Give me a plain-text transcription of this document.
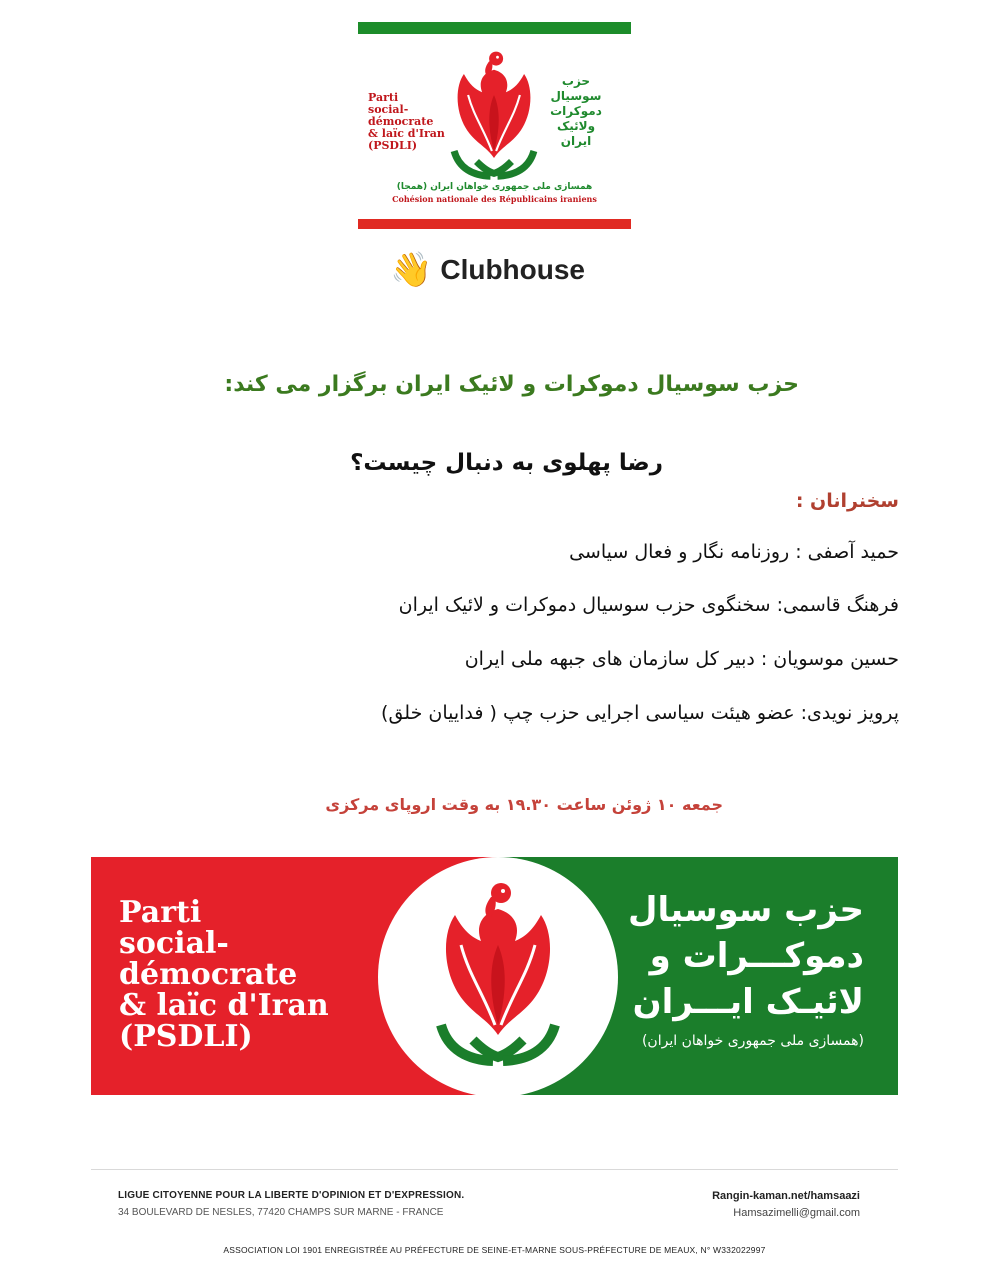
Parti
social-
démocrate
& laïc d'Iran
(PSDLI)
حزب
سوسیال
دموکرات
ولائیک
ایران
همسازی ملی جمهوری خواهان ایران (همجا)
Cohésion nationale des Républicains iraniens
👋 Clubhouse
حزب سوسیال دموکرات و لائیک ایران برگزار می کند:
رضا پهلوی به دنبال چیست؟
سخنرانان :
حمید آصفی : روزنامه نگار و فعال سیاسی
فرهنگ قاسمی: سخنگوی حزب سوسیال دموکرات و لائیک ایران
حسین موسویان : دبیر کل سازمان های جبهه ملی ایران
پرویز نویدی: عضو هیئت سیاسی اجرایی حزب چپ ( فداییان خلق)
جمعه ۱۰ ژوئن ساعت ۱۹.۳۰ به وقت اروپای مرکزی
Parti
social-
démocrate
& laïc d'Iran
(PSDLI)
حزب سوسیال
دموکـــرات و
لائیـک ایـــران
(همسازی ملی جمهوری خواهان ایران)
LIGUE CITOYENNE POUR LA LIBERTE D'OPINION ET D'EXPRESSION.
34 BOULEVARD DE NESLES, 77420 CHAMPS SUR MARNE - FRANCE
Rangin-kaman.net/hamsaazi
Hamsazimelli@gmail.com
ASSOCIATION LOI 1901 ENREGISTRÉE AU PRÉFECTURE DE SEINE-ET-MARNE SOUS-PRÉFECTURE DE MEAUX, N° W332022997
